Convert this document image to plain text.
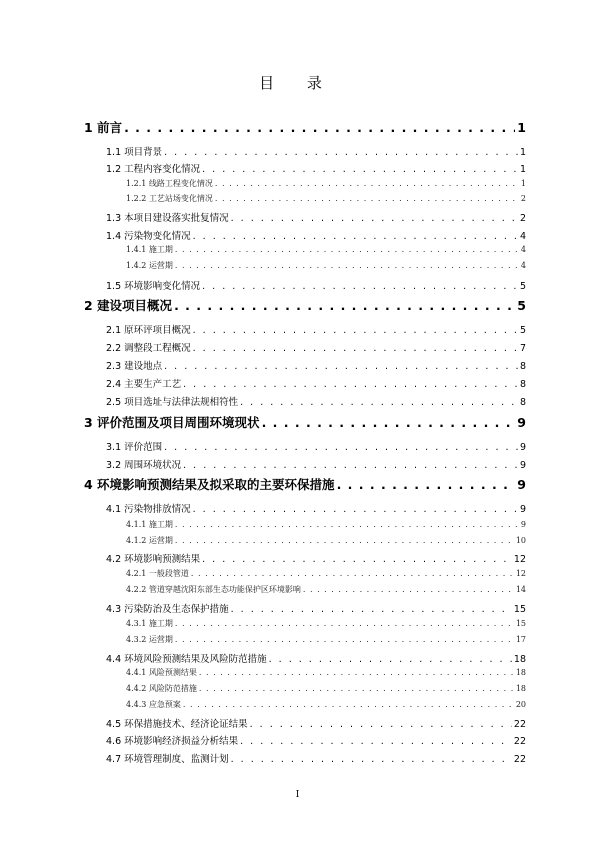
目 录
1 前言 . . .	1
1.1 项目背景 . . .	1
1.2 工程内容变化情况 . . .	1
1.2.1 线路工程变化情况 . . .	1
1.2.2 工艺站场变化情况 . . .	2
1.3 本项目建设落实批复情况 . . .	2
1.4 污染物变化情况 . . .	4
1.4.1 施工期 . . .	4
1.4.2 运营期 . . .	4
1.5 环境影响变化情况 . . .	5
2 建设项目概况 . . .	5
2.1 原环评项目概况 . . .	5
2.2 调整段工程概况 . . .	7
2.3 建设地点 . . .	8
2.4 主要生产工艺 . . .	8
2.5 项目选址与法律法规相符性 . . .	8
3 评价范围及项目周围环境现状 . . .	9
3.1 评价范围 . . .	9
3.2 周围环境状况 . . .	9
4 环境影响预测结果及拟采取的主要环保措施 . . .	9
4.1 污染物排放情况 . . .	9
4.1.1 施工期 . . .	9
4.1.2 运营期 . . .	10
4.2 环境影响预测结果 . . .	12
4.2.1 一般段管道 . . .	12
4.2.2 管道穿越沈阳东部生态功能保护区环境影响 . . .	14
4.3 污染防治及生态保护措施 . . .	15
4.3.1 施工期 . . .	15
4.3.2 运营期 . . .	17
4.4 环境风险预测结果及风险防范措施 . . .	18
4.4.1 风险预测结果 . . .	18
4.4.2 风险防范措施 . . .	18
4.4.3 应急预案 . . .	20
4.5 环保措施技术、经济论证结果 . . .	22
4.6 环境影响经济损益分析结果 . . .	22
4.7 环境管理制度、监测计划 . . .	22
I
